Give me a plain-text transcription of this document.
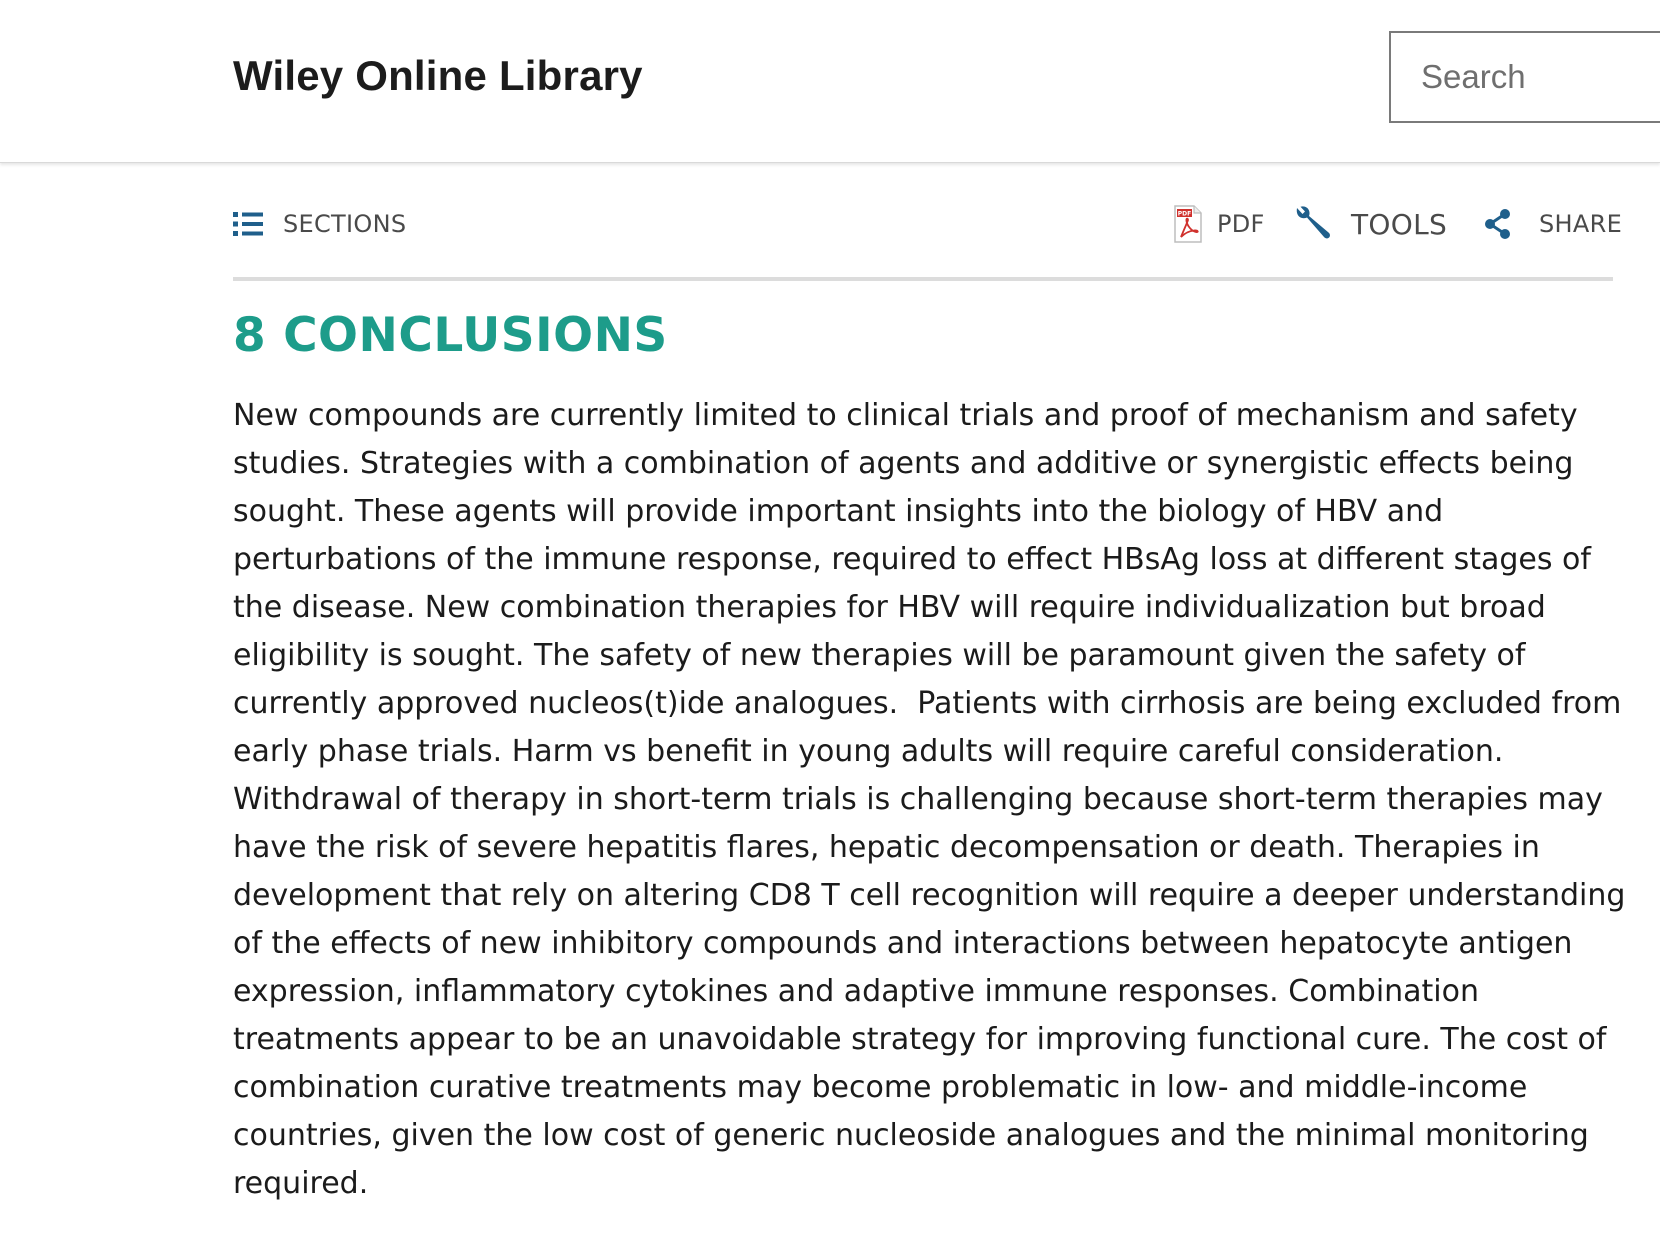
Wiley Online Library
Search
SECTIONS	PDF PDF	TOOLS	SHARE
8 CONCLUSIONS

New compounds are currently limited to clinical trials and proof of mechanism and safety
studies. Strategies with a combination of agents and additive or synergistic effects being
sought. These agents will provide important insights into the biology of HBV and
perturbations of the immune response, required to effect HBsAg loss at different stages of
the disease. New combination therapies for HBV will require individualization but broad
eligibility is sought. The safety of new therapies will be paramount given the safety of
currently approved nucleos(t)ide analogues.  Patients with cirrhosis are being excluded from
early phase trials. Harm vs benefit in young adults will require careful consideration.
Withdrawal of therapy in short-term trials is challenging because short-term therapies may
have the risk of severe hepatitis flares, hepatic decompensation or death. Therapies in
development that rely on altering CD8 T cell recognition will require a deeper understanding
of the effects of new inhibitory compounds and interactions between hepatocyte antigen
expression, inflammatory cytokines and adaptive immune responses. Combination
treatments appear to be an unavoidable strategy for improving functional cure. The cost of
combination curative treatments may become problematic in low- and middle-income
countries, given the low cost of generic nucleoside analogues and the minimal monitoring
required.
